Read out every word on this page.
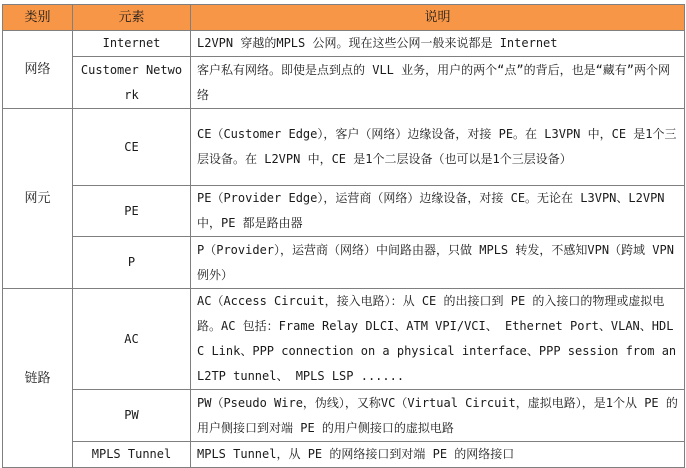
类别	元素	说明
网络	Internet	L2VPN 穿越的MPLS 公网。现在这些公网一般来说都是 Internet
	Customer Network	客户私有网络。即使是点到点的 VLL 业务，用户的两个“点”的背后，也是“藏有”两个网络
网元	CE	CE（Customer Edge），客户（网络）边缘设备，对接 PE。在 L3VPN 中，CE 是1个三层设备。在 L2VPN 中，CE 是1个二层设备（也可以是1个三层设备）
	PE	PE（Provider Edge），运营商（网络）边缘设备，对接 CE。无论在 L3VPN、L2VPN 中，PE 都是路由器
	P	P（Provider），运营商（网络）中间路由器，只做 MPLS 转发，不感知VPN（跨域 VPN 例外）
链路	AC	AC（Access Circuit，接入电路）：从 CE 的出接口到 PE 的入接口的物理或虚拟电路。AC 包括：Frame Relay DLCI、ATM VPI/VCI、 Ethernet Port、VLAN、HDLC Link、PPP connection on a physical interface、PPP session from an L2TP tunnel、 MPLS LSP ......
	PW	PW（Pseudo Wire，伪线），又称VC（Virtual Circuit，虚拟电路），是1个从 PE 的用户侧接口到对端 PE 的用户侧接口的虚拟电路
	MPLS Tunnel	MPLS Tunnel，从 PE 的网络接口到对端 PE 的网络接口
